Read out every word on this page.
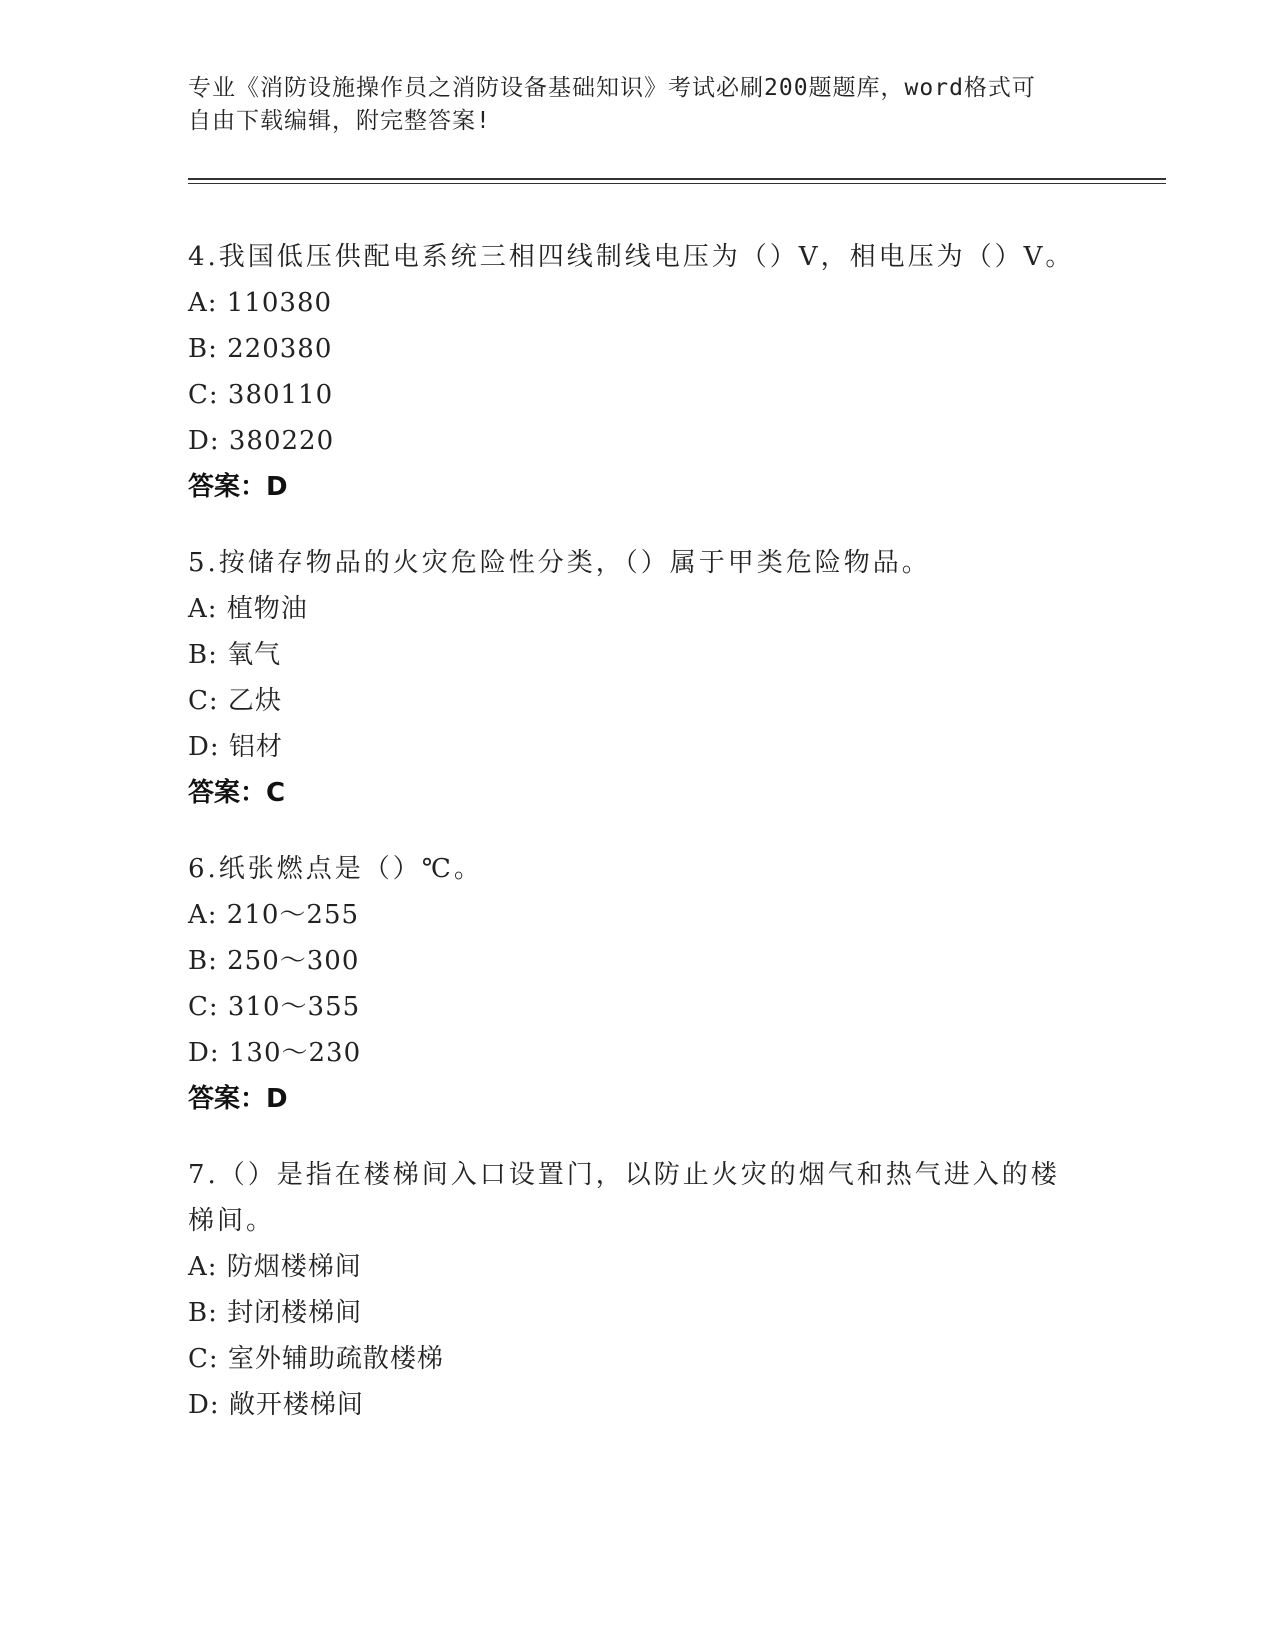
专业《消防设施操作员之消防设备基础知识》考试必刷200题题库，word格式可
自由下载编辑，附完整答案!
4.我国低压供配电系统三相四线制线电压为（）V，相电压为（）V。
A: 110380
B: 220380
C: 380110
D: 380220
答案：D
5.按储存物品的火灾危险性分类，（）属于甲类危险物品。
A: 植物油
B: 氧气
C: 乙炔
D: 铝材
答案：C
6.纸张燃点是（）℃。
A: 210～255
B: 250～300
C: 310～355
D: 130～230
答案：D
7.（）是指在楼梯间入口设置门，以防止火灾的烟气和热气进入的楼梯间。
A: 防烟楼梯间
B: 封闭楼梯间
C: 室外辅助疏散楼梯
D: 敞开楼梯间
